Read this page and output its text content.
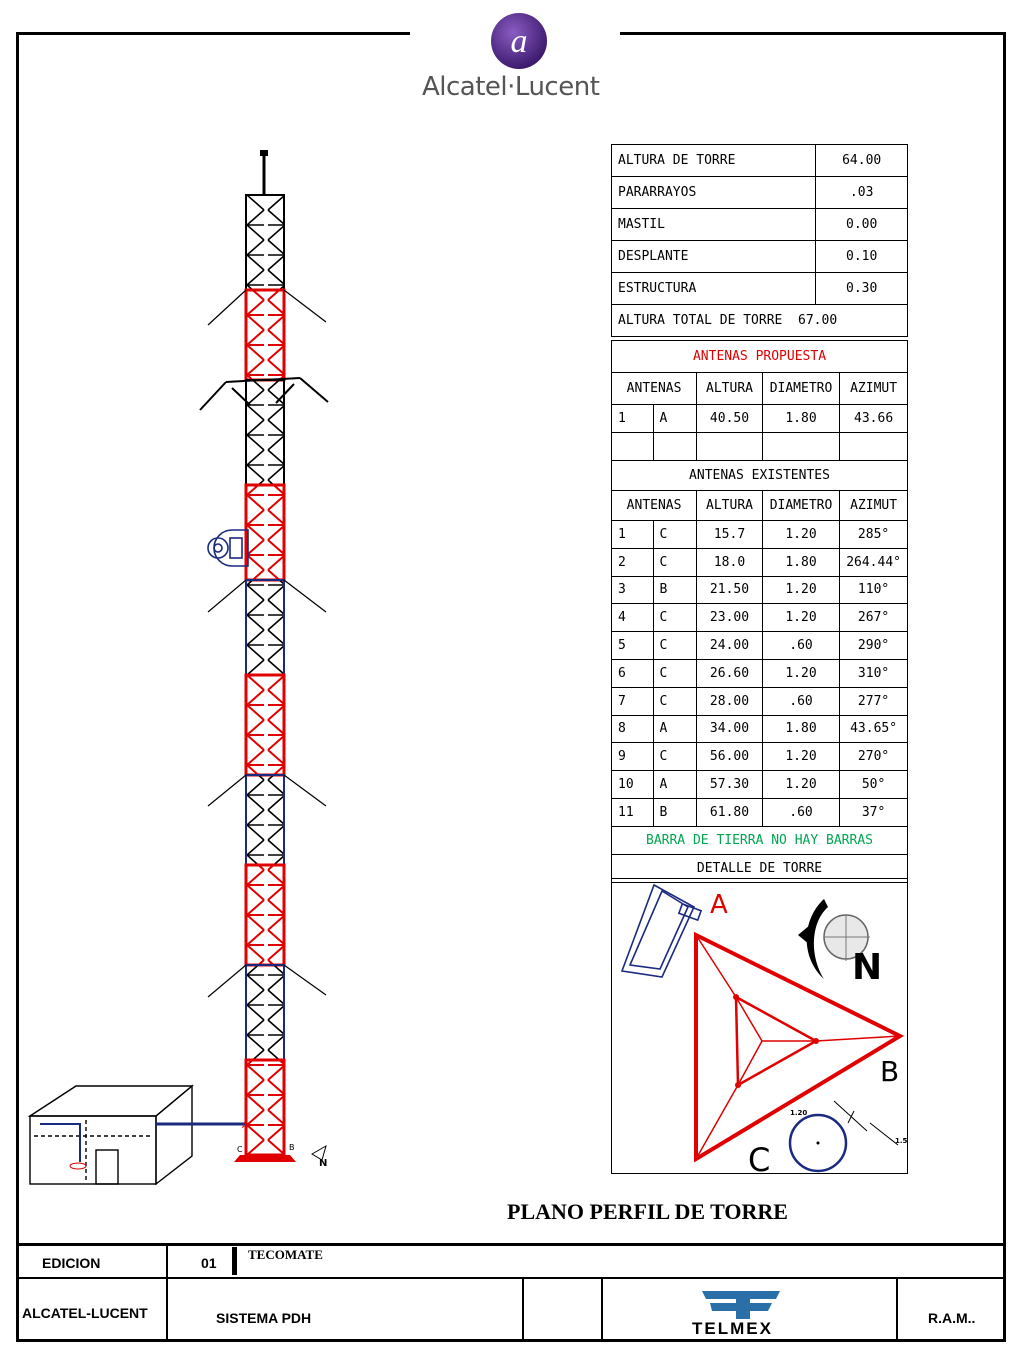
a
Alcatel·Lucent
A
C	B
N
ALTURA DE TORRE	64.00
PARARRAYOS	.03
MASTIL	0.00
DESPLANTE	0.10
ESTRUCTURA	0.30
ALTURA TOTAL DE TORRE 67.00	
ANTENAS PROPUESTA				
ANTENAS		ALTURA	DIAMETRO	AZIMUT
1	A	40.50	1.80	43.66

ANTENAS EXISTENTES				
ANTENAS		ALTURA	DIAMETRO	AZIMUT
1	C	15.7	1.20	285°
2	C	18.0	1.80	264.44°
3	B	21.50	1.20	110°
4	C	23.00	1.20	267°
5	C	24.00	.60	290°
6	C	26.60	1.20	310°
7	C	28.00	.60	277°
8	A	34.00	1.80	43.65°
9	C	56.00	1.20	270°
10	A	57.30	1.20	50°
11	B	61.80	.60	37°
BARRA DE TIERRA NO HAY BARRAS				
DETALLE DE TORRE				
1.20
1.5
A
B
C
N
PLANO PERFIL DE TORRE
EDICION	01
TECOMATE
ALCATEL-LUCENT	SISTEMA PDH
TELMEX
R.A.M..
